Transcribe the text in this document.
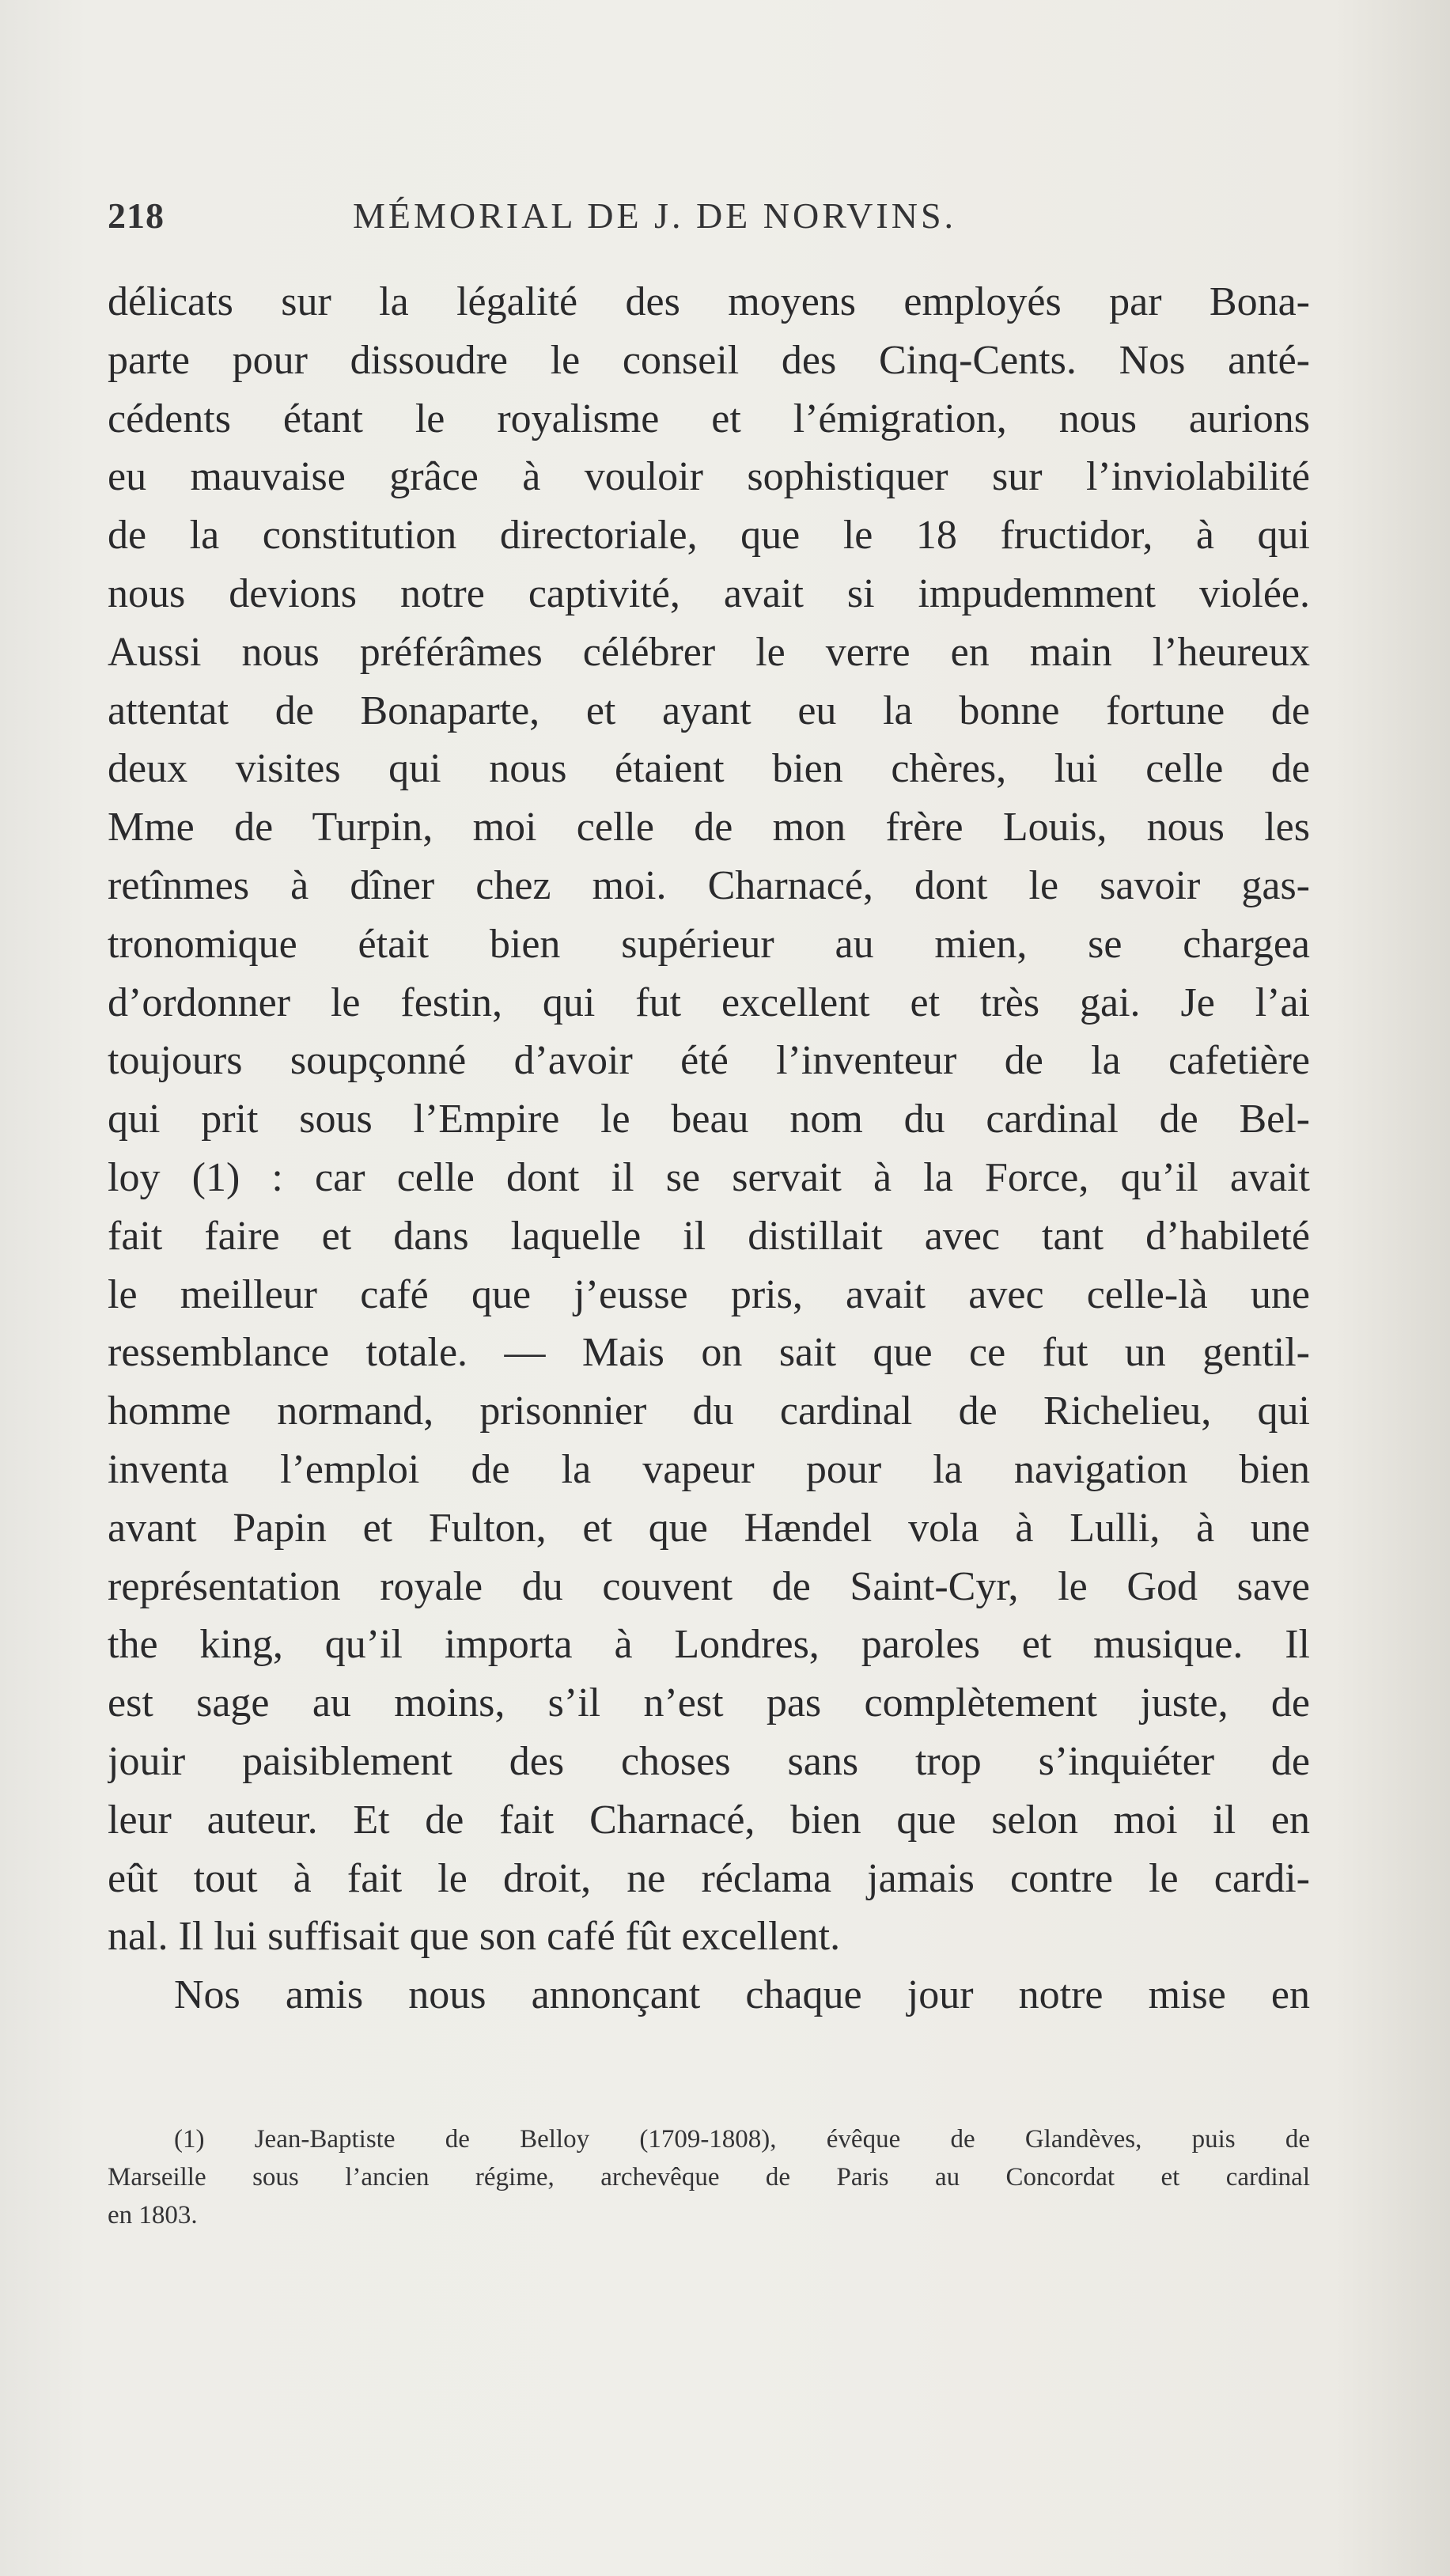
218	MÉMORIAL DE J. DE NORVINS.
délicats sur la légalité des moyens employés par Bona-
parte pour dissoudre le conseil des Cinq-Cents. Nos anté-
cédents étant le royalisme et l’émigration, nous aurions
eu mauvaise grâce à vouloir sophistiquer sur l’inviolabilité
de la constitution directoriale, que le 18 fructidor, à qui
nous devions notre captivité, avait si impudemment violée.
Aussi nous préférâmes célébrer le verre en main l’heureux
attentat de Bonaparte, et ayant eu la bonne fortune de
deux visites qui nous étaient bien chères, lui celle de
Mme de Turpin, moi celle de mon frère Louis, nous les
retînmes à dîner chez moi. Charnacé, dont le savoir gas-
tronomique était bien supérieur au mien, se chargea
d’ordonner le festin, qui fut excellent et très gai. Je l’ai
toujours soupçonné d’avoir été l’inventeur de la cafetière
qui prit sous l’Empire le beau nom du cardinal de Bel-
loy (1) : car celle dont il se servait à la Force, qu’il avait
fait faire et dans laquelle il distillait avec tant d’habileté
le meilleur café que j’eusse pris, avait avec celle-là une
ressemblance totale. — Mais on sait que ce fut un gentil-
homme normand, prisonnier du cardinal de Richelieu, qui
inventa l’emploi de la vapeur pour la navigation bien
avant Papin et Fulton, et que Hændel vola à Lulli, à une
représentation royale du couvent de Saint-Cyr, le God save
the king, qu’il importa à Londres, paroles et musique. Il
est sage au moins, s’il n’est pas complètement juste, de
jouir paisiblement des choses sans trop s’inquiéter de
leur auteur. Et de fait Charnacé, bien que selon moi il en
eût tout à fait le droit, ne réclama jamais contre le cardi-
nal. Il lui suffisait que son café fût excellent.
Nos amis nous annonçant chaque jour notre mise en
(1) Jean-Baptiste de Belloy (1709-1808), évêque de Glandèves, puis de
Marseille sous l’ancien régime, archevêque de Paris au Concordat et cardinal
en 1803.
